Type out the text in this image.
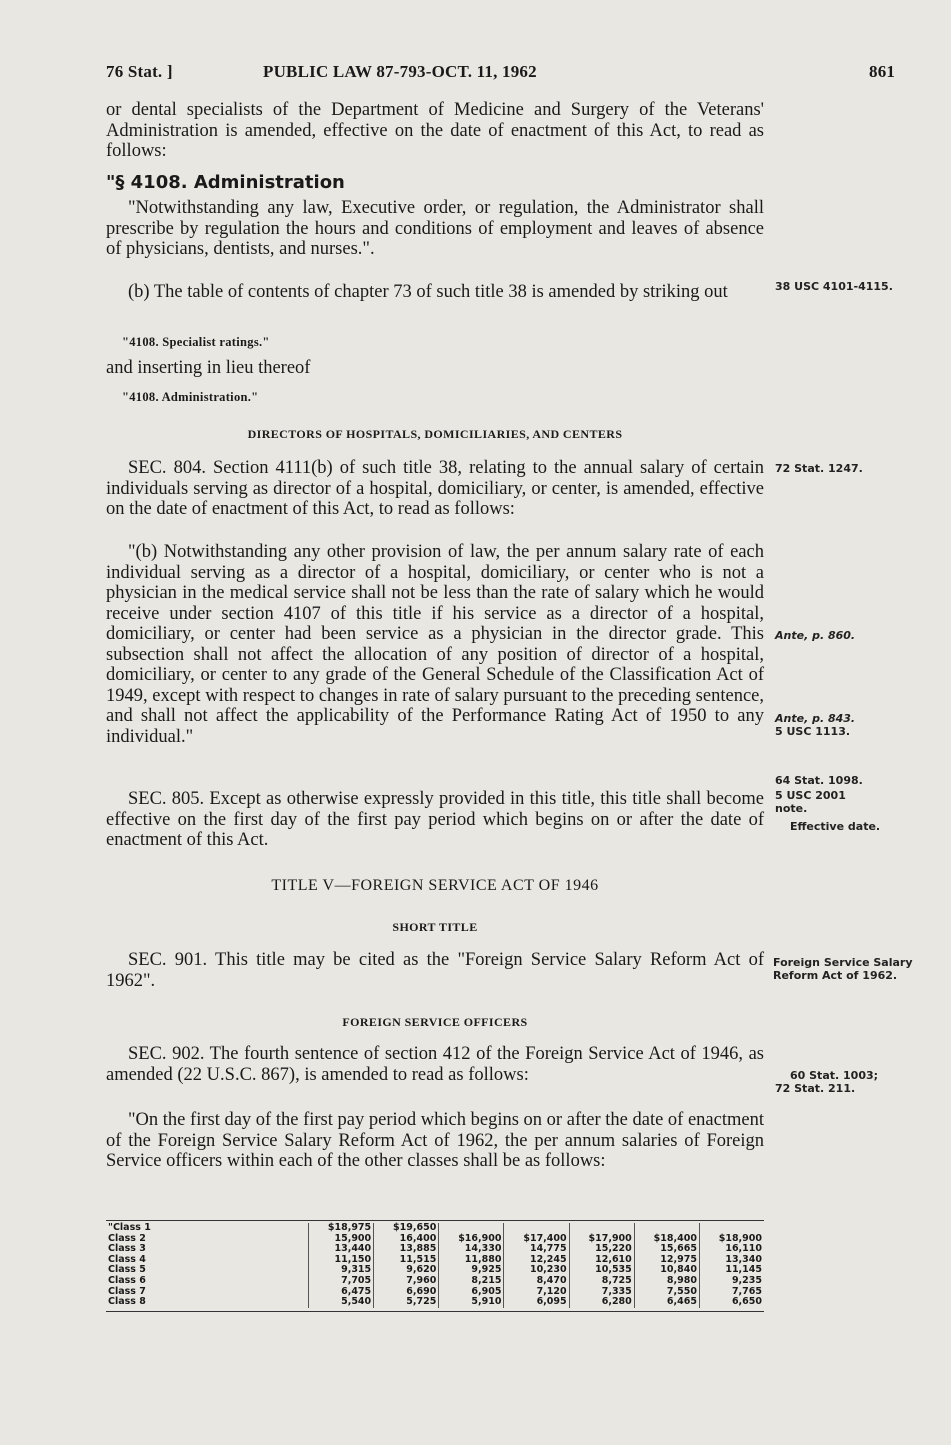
76 Stat. ]	PUBLIC LAW 87-793-OCT. 11, 1962	861
or dental specialists of the Department of Medicine and Surgery of the Veterans' Administration is amended, effective on the date of enactment of this Act, to read as follows:
"§ 4108. Administration
"Notwithstanding any law, Executive order, or regulation, the Administrator shall prescribe by regulation the hours and conditions of employment and leaves of absence of physicians, dentists, and nurses.".
(b) The table of contents of chapter 73 of such title 38 is amended by striking out
"4108. Specialist ratings."
and inserting in lieu thereof
"4108. Administration."
DIRECTORS OF HOSPITALS, DOMICILIARIES, AND CENTERS
SEC. 804. Section 4111(b) of such title 38, relating to the annual salary of certain individuals serving as director of a hospital, domiciliary, or center, is amended, effective on the date of enactment of this Act, to read as follows:
"(b) Notwithstanding any other provision of law, the per annum salary rate of each individual serving as a director of a hospital, domiciliary, or center who is not a physician in the medical service shall not be less than the rate of salary which he would receive under section 4107 of this title if his service as a director of a hospital, domiciliary, or center had been service as a physician in the director grade. This subsection shall not affect the allocation of any position of director of a hospital, domiciliary, or center to any grade of the General Schedule of the Classification Act of 1949, except with respect to changes in rate of salary pursuant to the preceding sentence, and shall not affect the applicability of the Performance Rating Act of 1950 to any individual."
SEC. 805. Except as otherwise expressly provided in this title, this title shall become effective on the first day of the first pay period which begins on or after the date of enactment of this Act.
TITLE V—FOREIGN SERVICE ACT OF 1946
SHORT TITLE
SEC. 901. This title may be cited as the "Foreign Service Salary Reform Act of 1962".
FOREIGN SERVICE OFFICERS
SEC. 902. The fourth sentence of section 412 of the Foreign Service Act of 1946, as amended (22 U.S.C. 867), is amended to read as follows:
"On the first day of the first pay period which begins on or after the date of enactment of the Foreign Service Salary Reform Act of 1962, the per annum salaries of Foreign Service officers within each of the other classes shall be as follows:
38 USC 4101-4115.
72 Stat. 1247.
Ante, p. 860.
Ante, p. 843.
5 USC 1113.
64 Stat. 1098.
5 USC 2001
note.
Effective date.
Foreign Service Salary Reform Act of 1962.
60 Stat. 1003;
72 Stat. 211.
"Class 1	$18,975	$19,650					
Class 2	15,900	16,400	$16,900	$17,400	$17,900	$18,400	$18,900
Class 3	13,440	13,885	14,330	14,775	15,220	15,665	16,110
Class 4	11,150	11,515	11,880	12,245	12,610	12,975	13,340
Class 5	9,315	9,620	9,925	10,230	10,535	10,840	11,145
Class 6	7,705	7,960	8,215	8,470	8,725	8,980	9,235
Class 7	6,475	6,690	6,905	7,120	7,335	7,550	7,765
Class 8	5,540	5,725	5,910	6,095	6,280	6,465	6,650
